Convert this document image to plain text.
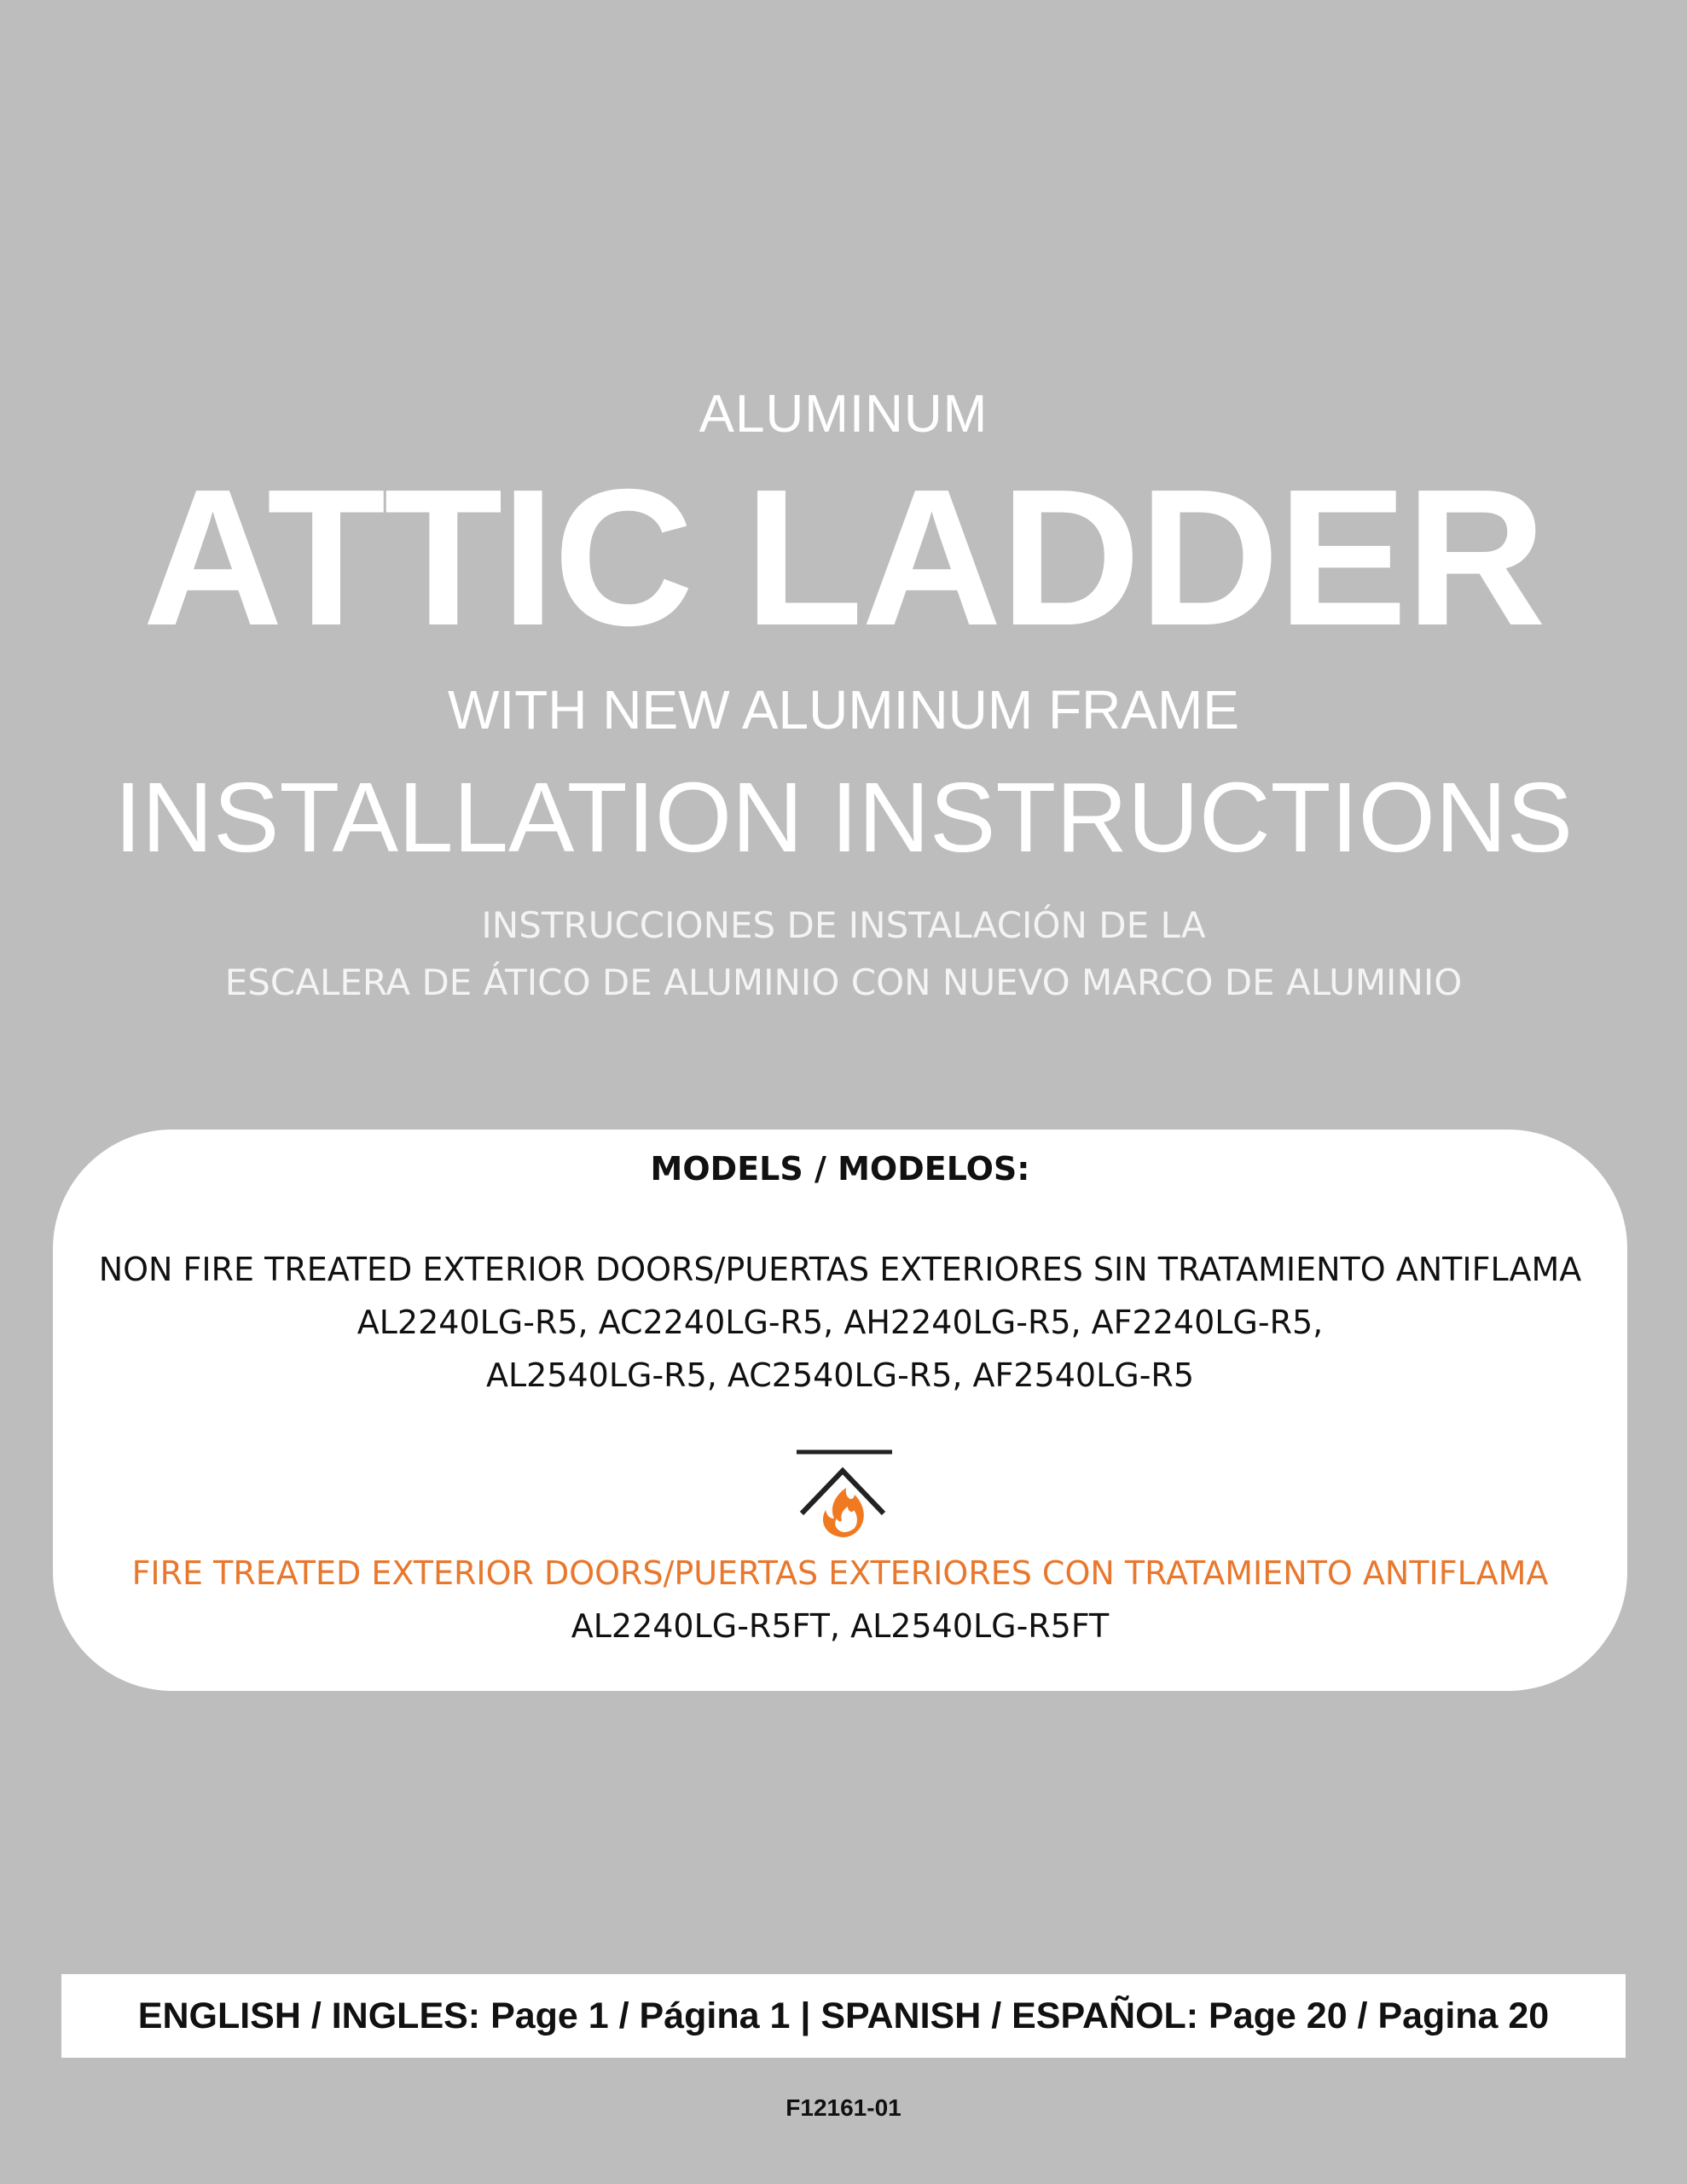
ALUMINUM
ATTIC LADDER
WITH NEW ALUMINUM FRAME
INSTALLATION INSTRUCTIONS
INSTRUCCIONES DE INSTALACIÓN DE LA
ESCALERA DE ÁTICO DE ALUMINIO CON NUEVO MARCO DE ALUMINIO
MODELS / MODELOS:
NON FIRE TREATED EXTERIOR DOORS/PUERTAS EXTERIORES SIN TRATAMIENTO ANTIFLAMA
AL2240LG-R5, AC2240LG-R5, AH2240LG-R5, AF2240LG-R5,
AL2540LG-R5, AC2540LG-R5, AF2540LG-R5
FIRE TREATED EXTERIOR DOORS/PUERTAS EXTERIORES CON TRATAMIENTO ANTIFLAMA
AL2240LG-R5FT, AL2540LG-R5FT
ENGLISH / INGLES: Page 1 / Página 1 | SPANISH / ESPAÑOL: Page 20 / Pagina 20
F12161-01
